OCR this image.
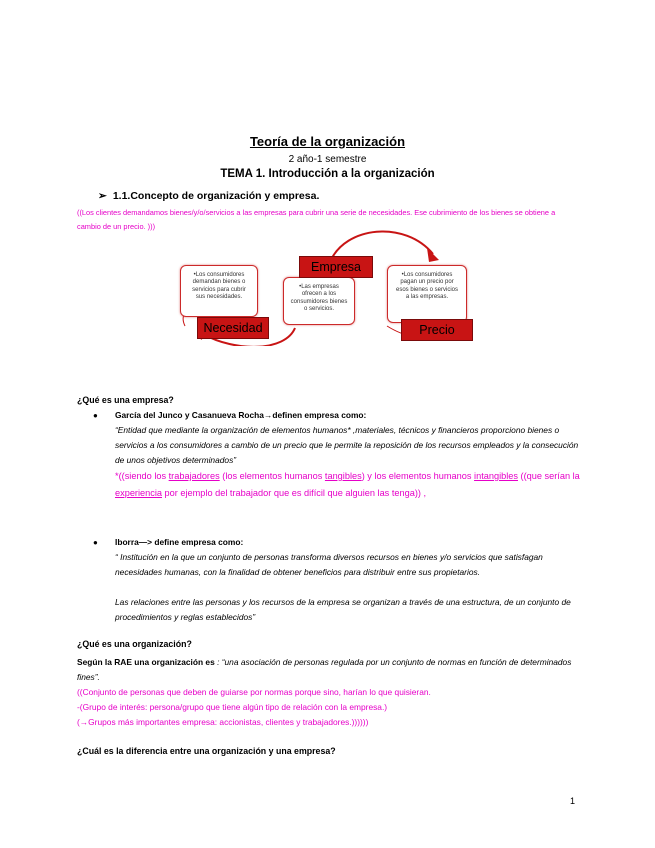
Teoría de la organización
2 año-1 semestre
TEMA 1. Introducción a la organización
➢ 1.1.Concepto de organización y empresa.
((Los clientes demandamos bienes/y/o/servicios a las empresas para cubrir una serie de necesidades. Ese cubrimiento de los bienes se obtiene a cambio de un precio. )))
•Los consumidores demandan bienes o servicios para cubrir sus necesidades.
•Las empresas ofrecen a los consumidores bienes o servicios.
•Los consumidores pagan un precio por esos bienes o servicios a las empresas.
Empresa
Necesidad	Precio
¿Qué es una empresa?
● García del Junco y Casanueva Rocha→definen empresa como:
“Entidad que mediante la organización de elementos humanos* ,materiales, técnicos y financieros proporciono bienes o servicios a los consumidores a cambio de un precio que le permite la reposición de los recursos empleados y la consecución de unos objetivos determinados”
*((siendo los trabajadores (los elementos humanos tangibles) y los elementos humanos intangibles ((que serían la experiencia por ejemplo del trabajador que es difícil que alguien las tenga)) ,
● Iborra—> define empresa como:
“ Institución en la que un conjunto de personas transforma diversos recursos en bienes y/o servicios que satisfagan necesidades humanas, con la finalidad de obtener beneficios para distribuir entre sus propietarios.
Las relaciones entre las personas y los recursos de la empresa se organizan a través de una estructura, de un conjunto de procedimientos y reglas establecidos”
¿Qué es una organización?
Según la RAE una organización es : “una asociación de personas regulada por un conjunto de normas en función de determinados fines”.
((Conjunto de personas que deben de guiarse por normas porque sino, harían lo que quisieran.
-(Grupo de interés: persona/grupo que tiene algún tipo de relación con la empresa.)
(→Grupos más importantes empresa: accionistas, clientes y trabajadores.))))))
¿Cuál es la diferencia entre una organización y una empresa?
1
